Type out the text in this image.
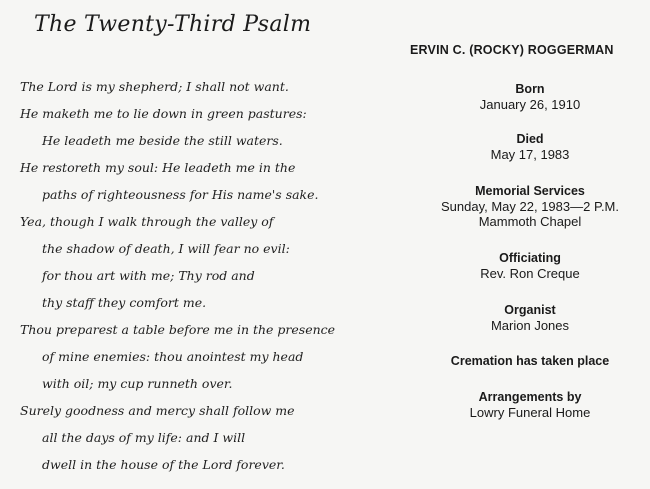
The Twenty-Third Psalm
The Lord is my shepherd; I shall not want.
He maketh me to lie down in green pastures:
He leadeth me beside the still waters.
He restoreth my soul: He leadeth me in the
paths of righteousness for His name's sake.
Yea, though I walk through the valley of
the shadow of death, I will fear no evil:
for thou art with me; Thy rod and
thy staff they comfort me.
Thou preparest a table before me in the presence
of mine enemies: thou anointest my head
with oil; my cup runneth over.
Surely goodness and mercy shall follow me
all the days of my life: and I will
dwell in the house of the Lord forever.
ERVIN C. (ROCKY) ROGGERMAN
Born
January 26, 1910
Died
May 17, 1983
Memorial Services
Sunday, May 22, 1983—2 P.M.
Mammoth Chapel
Officiating
Rev. Ron Creque
Organist
Marion Jones
Cremation has taken place
Arrangements by
Lowry Funeral Home
